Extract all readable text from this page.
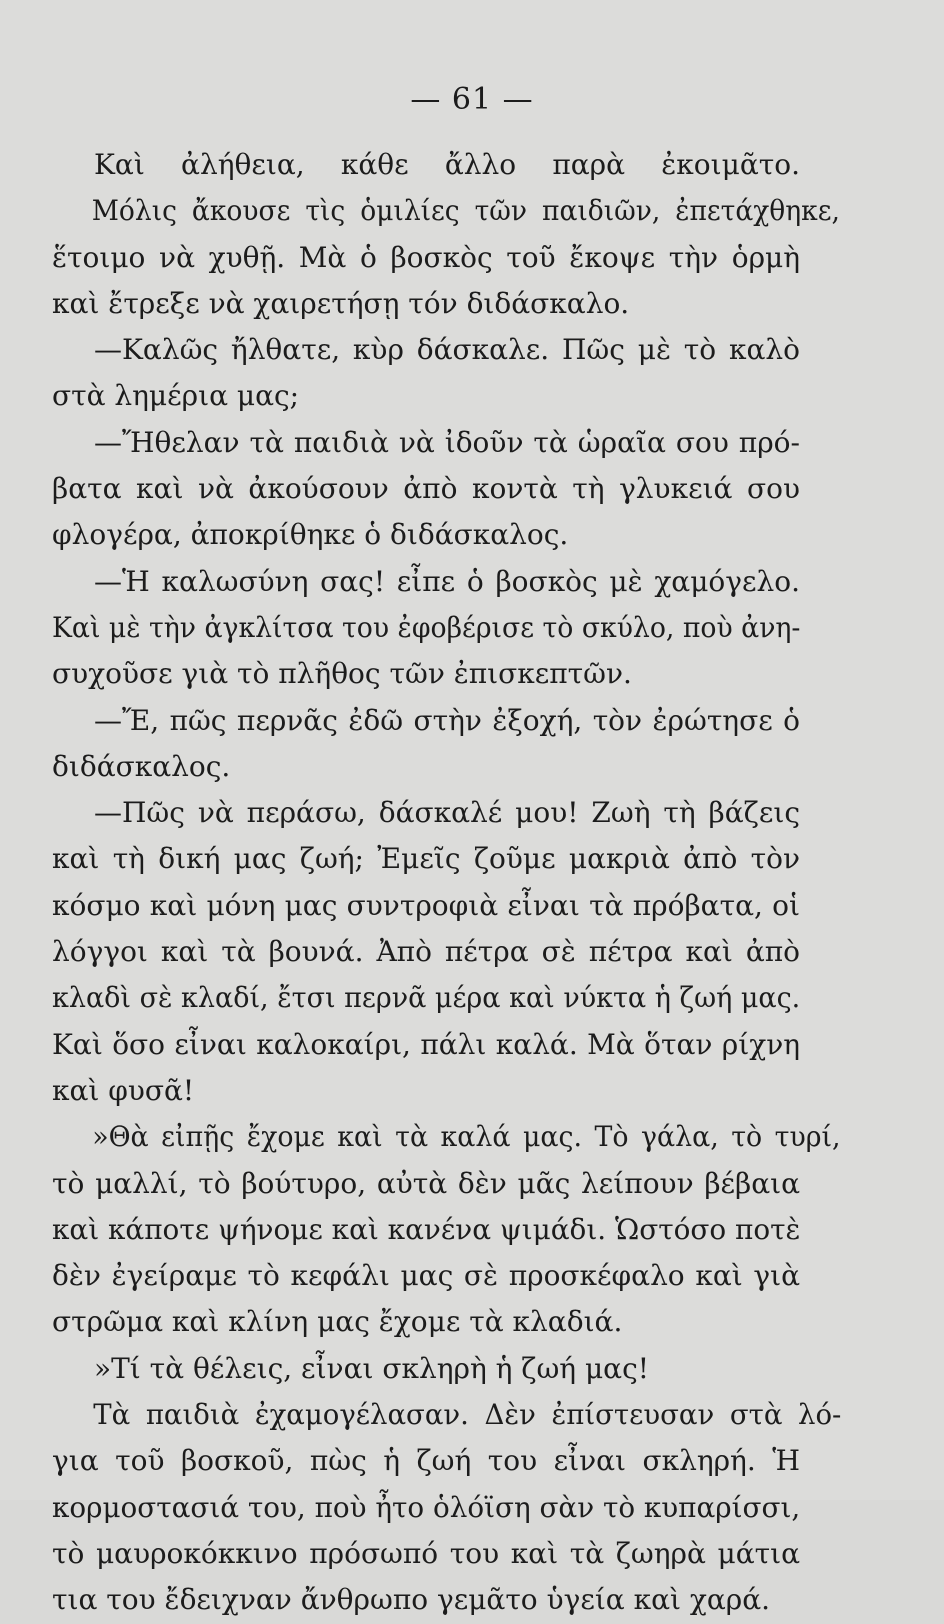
— 61 —
Καὶ ἀλήθεια, κάθε ἄλλο παρὰ ἐκοιμᾶτο.
Μόλις ἄκουσε τὶς ὁμιλίες τῶν παιδιῶν, ἐπετάχθηκε,
ἕτοιμο νὰ χυθῇ. Μὰ ὁ βοσκὸς τοῦ ἔκοψε τὴν ὁρμὴ
καὶ ἔτρεξε νὰ χαιρετήσῃ τόν διδάσκαλο.
—Καλῶς ἤλθατε, κὺρ δάσκαλε. Πῶς μὲ τὸ καλὸ
στὰ λημέρια μας;
—Ἤθελαν τὰ παιδιὰ νὰ ἰδοῦν τὰ ὡραῖα σου πρό-
βατα καὶ νὰ ἀκούσουν ἀπὸ κοντὰ τὴ γλυκειά σου
φλογέρα, ἀποκρίθηκε ὁ διδάσκαλος.
—Ἡ καλωσύνη σας! εἶπε ὁ βοσκὸς μὲ χαμόγελο.
Καὶ μὲ τὴν ἀγκλίτσα του ἐφοβέρισε τὸ σκύλο, ποὺ ἀνη-
συχοῦσε γιὰ τὸ πλῆθος τῶν ἐπισκεπτῶν.
—Ἔ, πῶς περνᾶς ἐδῶ στὴν ἐξοχή, τὸν ἐρώτησε ὁ
διδάσκαλος.
—Πῶς νὰ περάσω, δάσκαλέ μου! Ζωὴ τὴ βάζεις
καὶ τὴ δική μας ζωή; Ἐμεῖς ζοῦμε μακριὰ ἀπὸ τὸν
κόσμο καὶ μόνη μας συντροφιὰ εἶναι τὰ πρόβατα, οἱ
λόγγοι καὶ τὰ βουνά. Ἀπὸ πέτρα σὲ πέτρα καὶ ἀπὸ
κλαδὶ σὲ κλαδί, ἔτσι περνᾶ μέρα καὶ νύκτα ἡ ζωή μας.
Καὶ ὅσο εἶναι καλοκαίρι, πάλι καλά. Μὰ ὅταν ρίχνη
καὶ φυσᾶ!
»Θὰ εἰπῇς ἔχομε καὶ τὰ καλά μας. Τὸ γάλα, τὸ τυρί,
τὸ μαλλί, τὸ βούτυρο, αὐτὰ δὲν μᾶς λείπουν βέβαια
καὶ κάποτε ψήνομε καὶ κανένα ψιμάδι. Ὡστόσο ποτὲ
δὲν ἐγείραμε τὸ κεφάλι μας σὲ προσκέφαλο καὶ γιὰ
στρῶμα καὶ κλίνη μας ἔχομε τὰ κλαδιά.
»Τί τὰ θέλεις, εἶναι σκληρὴ ἡ ζωή μας!
Τὰ παιδιὰ ἐχαμογέλασαν. Δὲν ἐπίστευσαν στὰ λό-
για τοῦ βοσκοῦ, πὼς ἡ ζωή του εἶναι σκληρή. Ἡ
κορμοστασιά του, ποὺ ἦτο ὁλόϊση σὰν τὸ κυπαρίσσι,
τὸ μαυροκόκκινο πρόσωπό του καὶ τὰ ζωηρὰ μάτια
τια του ἔδειχναν ἄνθρωπο γεμᾶτο ὑγεία καὶ χαρά.
